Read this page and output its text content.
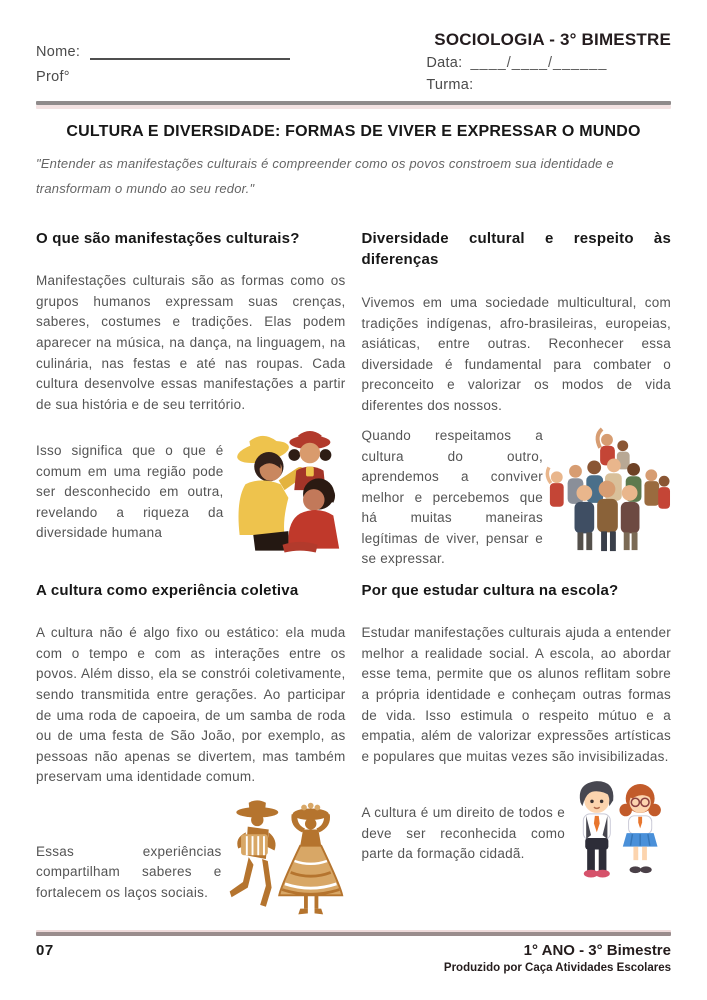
Nome:
Prof°
SOCIOLOGIA - 3° BIMESTRE
Data: ____/____/______
Turma:
CULTURA E DIVERSIDADE: FORMAS DE VIVER E EXPRESSAR O MUNDO

"Entender as manifestações culturais é compreender como os povos constroem sua identidade e transformam o mundo ao seu redor."

O que são manifestações culturais?

Manifestações culturais são as formas como os grupos humanos expressam suas crenças, saberes, costumes e tradições. Elas podem aparecer na música, na dança, na linguagem, na culinária, nas festas e até nas roupas. Cada cultura desenvolve essas manifestações a partir de sua história e de seu território.

Isso significa que o que é comum em uma região pode ser desconhecido em outra, revelando a riqueza da diversidade humana

A cultura como experiência coletiva

A cultura não é algo fixo ou estático: ela muda com o tempo e com as interações entre os povos. Além disso, ela se constrói coletivamente, sendo transmitida entre gerações. Ao participar de uma roda de capoeira, de um samba de roda ou de uma festa de São João, por exemplo, as pessoas não apenas se divertem, mas também preservam uma identidade comum.

Essas experiências compartilham saberes e fortalecem os laços sociais.

Diversidade cultural e respeito às diferenças

Vivemos em uma sociedade multicultural, com tradições indígenas, afro-brasileiras, europeias, asiáticas, entre outras. Reconhecer essa diversidade é fundamental para combater o preconceito e valorizar os modos de vida diferentes dos nossos.

Quando respeitamos a cultura do outro, aprendemos a conviver melhor e percebemos que há muitas maneiras legítimas de viver, pensar e se expressar.

Por que estudar cultura na escola?

Estudar manifestações culturais ajuda a entender melhor a realidade social. A escola, ao abordar esse tema, permite que os alunos reflitam sobre a própria identidade e conheçam outras formas de vida. Isso estimula o respeito mútuo e a empatia, além de valorizar expressões artísticas e populares que muitas vezes são invisibilizadas.

A cultura é um direito de todos e deve ser reconhecida como parte da formação cidadã.

07	1° ANO - 3° Bimestre
Produzido por Caça Atividades Escolares
